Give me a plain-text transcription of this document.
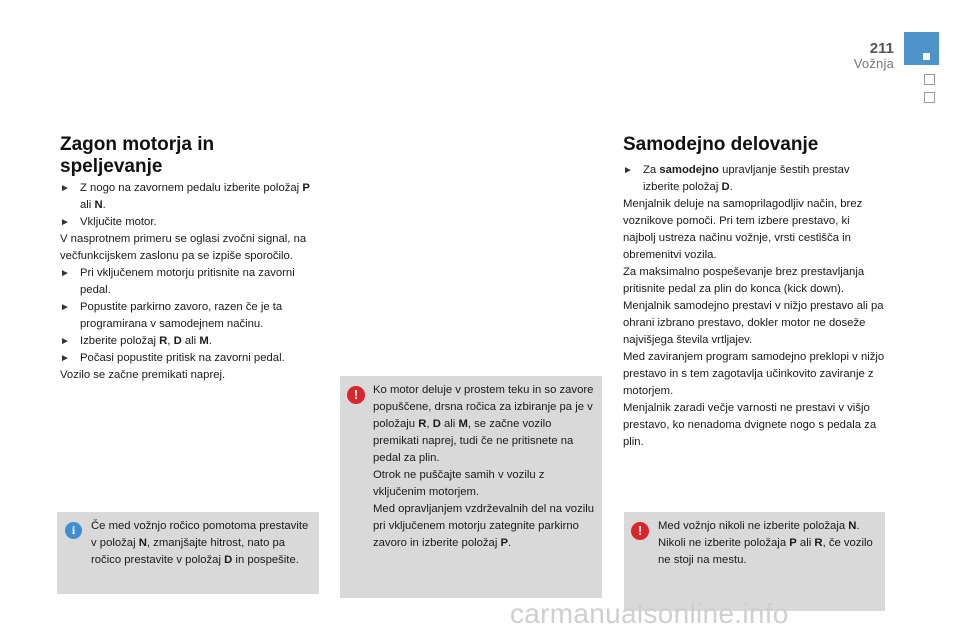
211
Vožnja
Zagon motorja in
speljevanje

► Z nogo na zavornem pedalu izberite položaj P ali N.

► Vključite motor.

V nasprotnem primeru se oglasi zvočni signal, na večfunkcijskem zaslonu pa se izpiše sporočilo.

► Pri vključenem motorju pritisnite na zavorni pedal.

► Popustite parkirno zavoro, razen če je ta programirana v samodejnem načinu.

► Izberite položaj R, D ali M.

► Počasi popustite pritisk na zavorni pedal.

Vozilo se začne premikati naprej.

!	Ko motor deluje v prostem teku in so zavore popuščene, drsna ročica za izbiranje pa je v položaju R, D ali M, se začne vozilo premikati naprej, tudi če ne pritisnete na pedal za plin.

Otrok ne puščajte samih v vozilu z vključenim motorjem.

Med opravljanjem vzdrževalnih del na vozilu pri vključenem motorju zategnite parkirno zavoro in izberite položaj P.

i	Če med vožnjo ročico pomotoma prestavite v položaj N, zmanjšajte hitrost, nato pa ročico prestavite v položaj D in pospešite.
Samodejno delovanje

► Za samodejno upravljanje šestih prestav izberite položaj D.

Menjalnik deluje na samoprilagodljiv način, brez voznikove pomoči. Pri tem izbere prestavo, ki najbolj ustreza načinu vožnje, vrsti cestišča in obremenitvi vozila.

Za maksimalno pospeševanje brez prestavljanja pritisnite pedal za plin do konca (kick down). Menjalnik samodejno prestavi v nižjo prestavo ali pa ohrani izbrano prestavo, dokler motor ne doseže najvišjega števila vrtljajev.

Med zaviranjem program samodejno preklopi v nižjo prestavo in s tem zagotavlja učinkovito zaviranje z motorjem.

Menjalnik zaradi večje varnosti ne prestavi v višjo prestavo, ko nenadoma dvignete nogo s pedala za plin.

!	Med vožnjo nikoli ne izberite položaja N. Nikoli ne izberite položaja P ali R, če vozilo ne stoji na mestu.
carmanualsonline.info
